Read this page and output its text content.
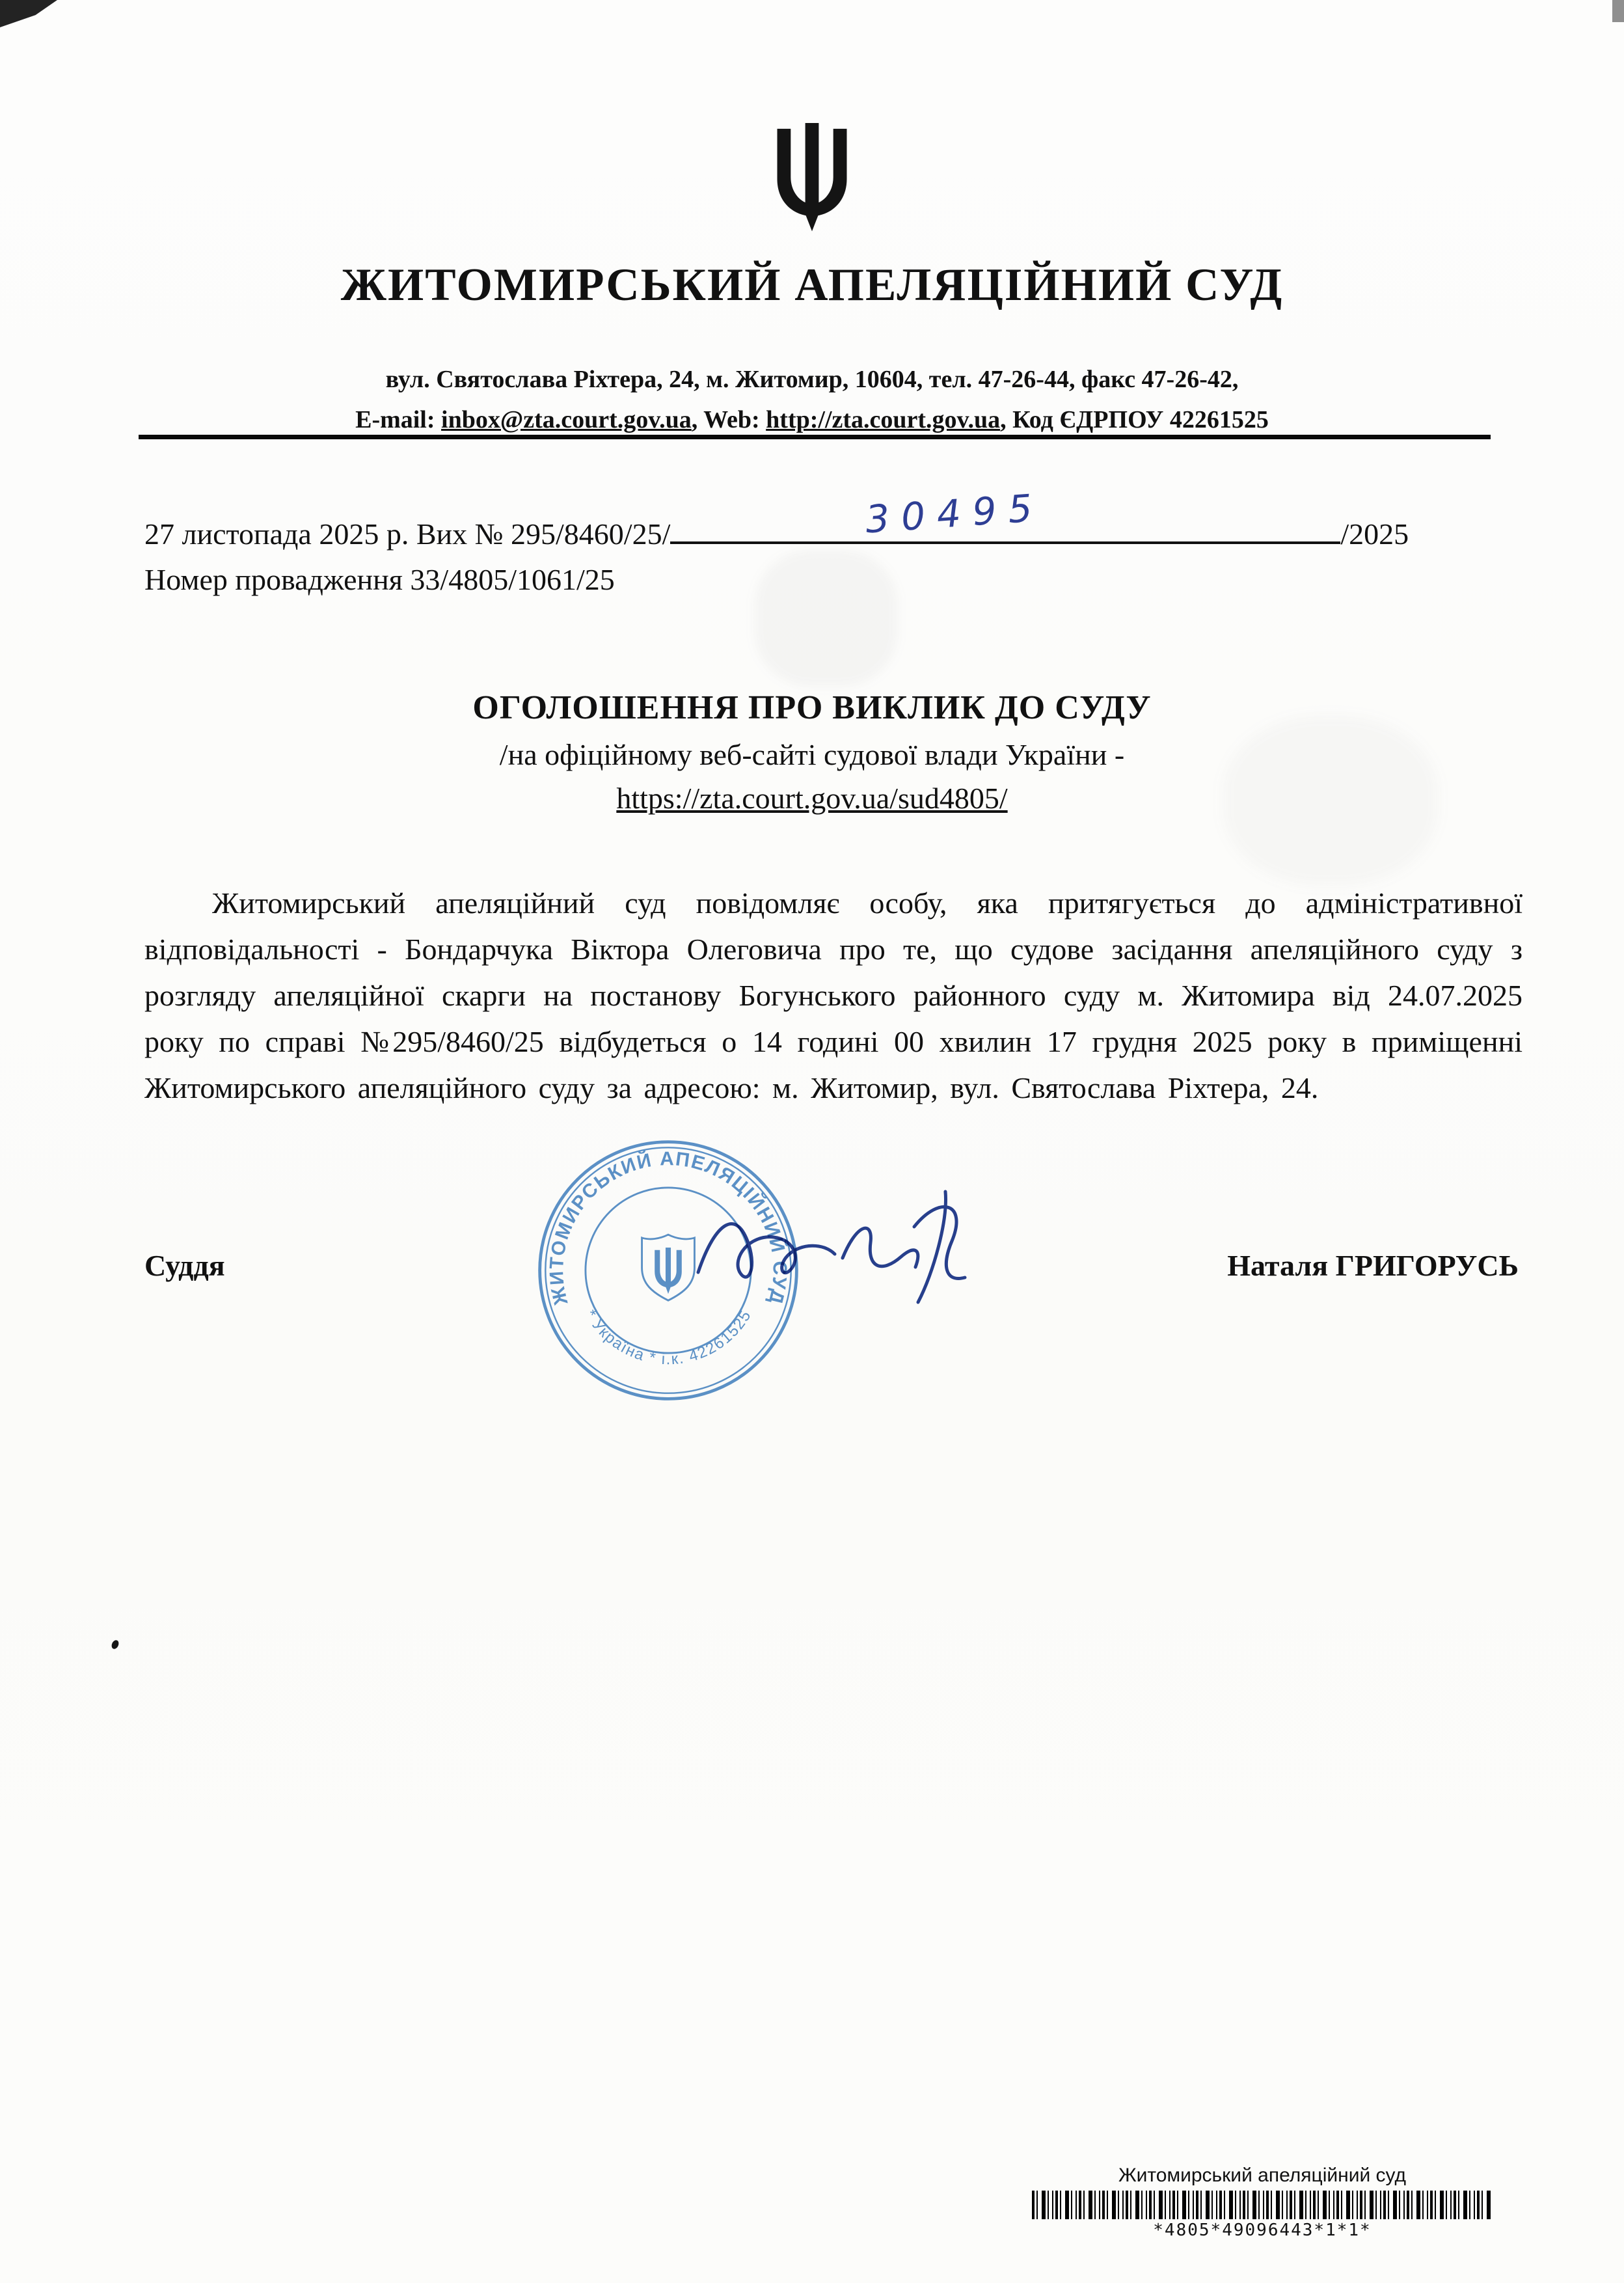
ЖИТОМИРСЬКИЙ АПЕЛЯЦІЙНИЙ СУД
вул. Святослава Ріхтера, 24, м. Житомир, 10604, тел. 47-26-44, факс 47-26-42,
E-mail: inbox@zta.court.gov.ua, Web: http://zta.court.gov.ua, Код ЄДРПОУ 42261525
27 листопада 2025 р. Вих № 295/8460/25/	30495	/2025
Номер провадження 33/4805/1061/25
ОГОЛОШЕННЯ ПРО ВИКЛИК ДО СУДУ
/на офіційному веб-сайті судової влади України -
https://zta.court.gov.ua/sud4805/
Житомирський апеляційний суд повідомляє особу, яка притягується до адміністративної відповідальності - Бондарчука Віктора Олеговича про те, що судове засідання апеляційного суду з розгляду апеляційної скарги на постанову Богунського районного суду м. Житомира від 24.07.2025 року по справі №295/8460/25 відбудеться о 14 годині 00 хвилин 17 грудня 2025 року в приміщенні Житомирського апеляційного суду за адресою: м. Житомир, вул. Святослава Ріхтера, 24.
Суддя	Наталя ГРИГОРУСЬ
ЖИТОМИРСЬКИЙ АПЕЛЯЦІЙНИЙ СУД
* Україна * і.к. 42261525
Житомирський апеляційний суд
*4805*49096443*1*1*
